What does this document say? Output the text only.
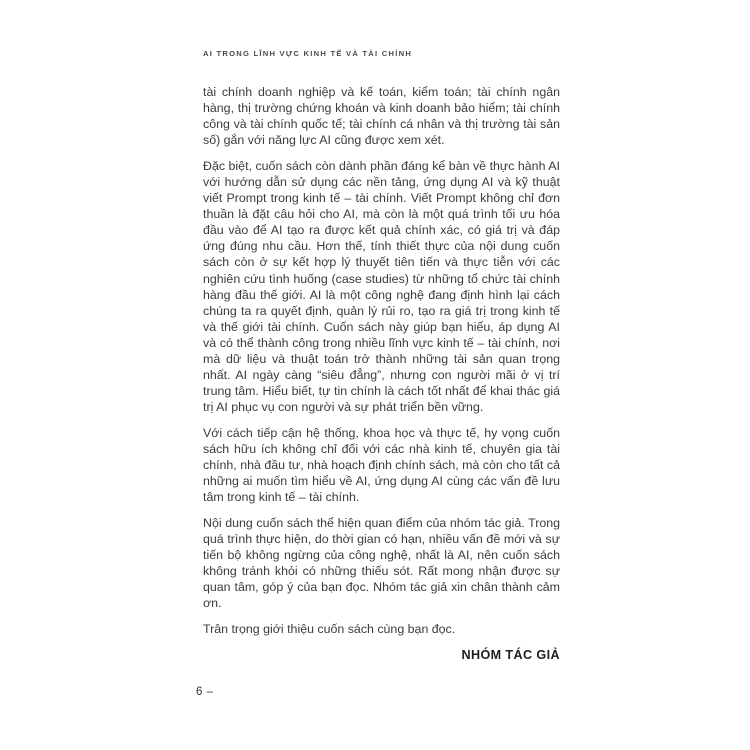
AI TRONG LĨNH VỰC KINH TẾ VÀ TÀI CHÍNH

tài chính doanh nghiệp và kế toán, kiểm toán; tài chính ngân hàng, thị trường chứng khoán và kinh doanh bảo hiểm; tài chính công và tài chính quốc tế; tài chính cá nhân và thị trường tài sản số) gắn với năng lực AI cũng được xem xét.

Đặc biệt, cuốn sách còn dành phần đáng kể bàn về thực hành AI với hướng dẫn sử dụng các nền tảng, ứng dụng AI và kỹ thuật viết Prompt trong kinh tế – tài chính. Viết Prompt không chỉ đơn thuần là đặt câu hỏi cho AI, mà còn là một quá trình tối ưu hóa đầu vào để AI tạo ra được kết quả chính xác, có giá trị và đáp ứng đúng nhu cầu. Hơn thế, tính thiết thực của nội dung cuốn sách còn ở sự kết hợp lý thuyết tiên tiến và thực tiễn với các nghiên cứu tình huống (case studies) từ những tổ chức tài chính hàng đầu thế giới. AI là một công nghệ đang định hình lại cách chúng ta ra quyết định, quản lý rủi ro, tạo ra giá trị trong kinh tế và thế giới tài chính. Cuốn sách này giúp bạn hiểu, áp dụng AI và có thể thành công trong nhiều lĩnh vực kinh tế – tài chính, nơi mà dữ liệu và thuật toán trở thành những tài sản quan trọng nhất. AI ngày càng “siêu đẳng”, nhưng con người mãi ở vị trí trung tâm. Hiểu biết, tự tin chính là cách tốt nhất để khai thác giá trị AI phục vụ con người và sự phát triển bền vững.

Với cách tiếp cận hệ thống, khoa học và thực tế, hy vọng cuốn sách hữu ích không chỉ đối với các nhà kinh tế, chuyên gia tài chính, nhà đầu tư, nhà hoạch định chính sách, mà còn cho tất cả những ai muốn tìm hiểu về AI, ứng dụng AI cùng các vấn đề lưu tâm trong kinh tế – tài chính.

Nội dung cuốn sách thể hiện quan điểm của nhóm tác giả. Trong quá trình thực hiện, do thời gian có hạn, nhiều vấn đề mới và sự tiến bộ không ngừng của công nghệ, nhất là AI, nên cuốn sách không tránh khỏi có những thiếu sót. Rất mong nhận được sự quan tâm, góp ý của bạn đọc. Nhóm tác giả xin chân thành cảm ơn.

Trân trọng giới thiệu cuốn sách cùng bạn đọc.

NHÓM TÁC GIẢ
6 –
